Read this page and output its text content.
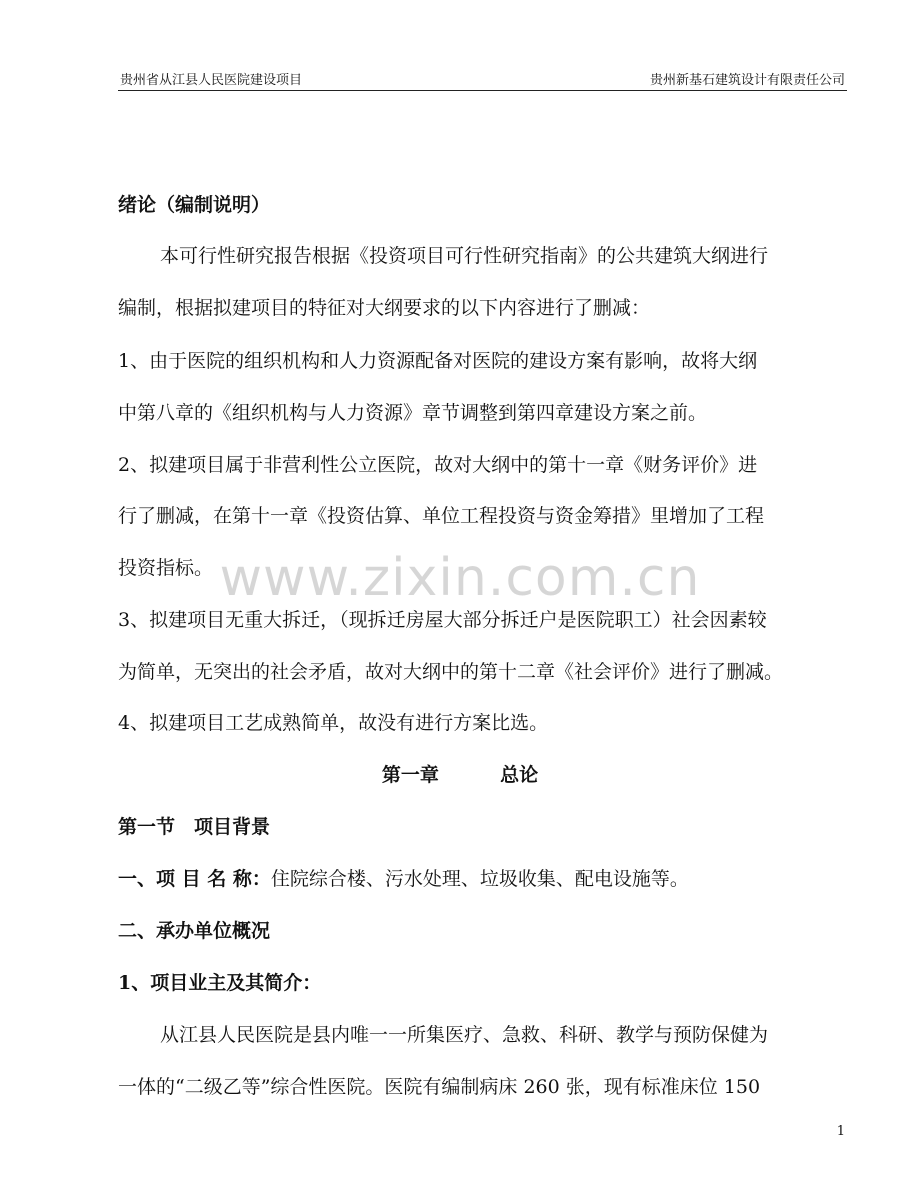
贵州省从江县人民医院建设项目	贵州新基石建筑设计有限责任公司
www.zixin.com.cn
绪论（编制说明）
本可行性研究报告根据《投资项目可行性研究指南》的公共建筑大纲进行
编制，根据拟建项目的特征对大纲要求的以下内容进行了删减：
1、由于医院的组织机构和人力资源配备对医院的建设方案有影响，故将大纲
中第八章的《组织机构与人力资源》章节调整到第四章建设方案之前。
2、拟建项目属于非营利性公立医院，故对大纲中的第十一章《财务评价》进
行了删减，在第十一章《投资估算、单位工程投资与资金筹措》里增加了工程
投资指标。
3、拟建项目无重大拆迁，（现拆迁房屋大部分拆迁户是医院职工）社会因素较
为简单，无突出的社会矛盾，故对大纲中的第十二章《社会评价》进行了删减。
4、拟建项目工艺成熟简单，故没有进行方案比选。
第一章	总论
第一节　项目背景
一、项 目 名 称：住院综合楼、污水处理、垃圾收集、配电设施等。
二、承办单位概况
1、项目业主及其简介：
从江县人民医院是县内唯一一所集医疗、急救、科研、教学与预防保健为
一体的“二级乙等”综合性医院。医院有编制病床 260 张，现有标准床位 150
1
